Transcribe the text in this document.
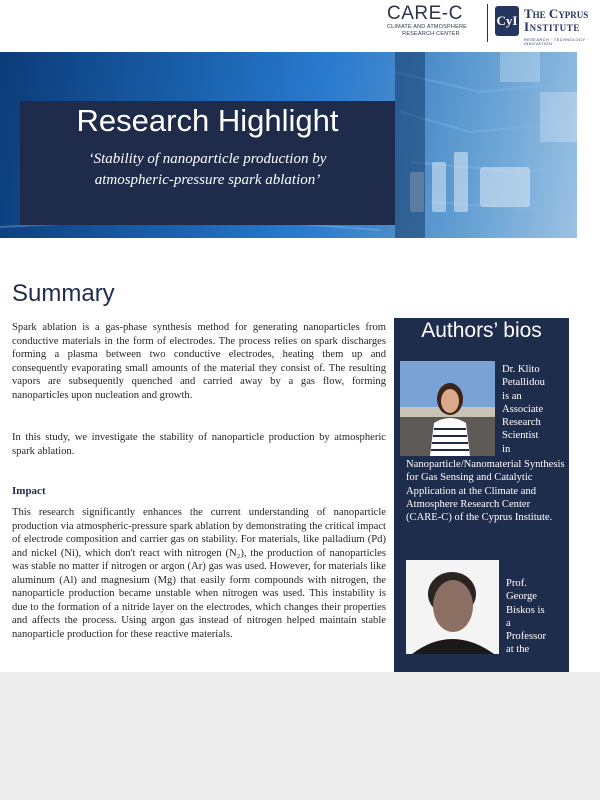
CARE-C
CLIMATE AND ATMOSPHERE
RESEARCH CENTER
CyI The Cyprus
Institute
RESEARCH · TECHNOLOGY · INNOVATION
Research Highlight
‘Stability of nanoparticle production by
atmospheric-pressure spark ablation’
Summary
Spark ablation is a gas-phase synthesis method for generating nanoparticles from conductive materials in the form of electrodes. The process relies on spark discharges forming a plasma between two conductive electrodes, heating them up and consequently evaporating small amounts of the material they consist of. The resulting vapors are subsequently quenched and carried away by a gas flow, forming nanoparticles upon nucleation and growth.
In this study, we investigate the stability of nanoparticle production by atmospheric spark ablation.
Impact
This research significantly enhances the current understanding of nanoparticle production via atmospheric-pressure spark ablation by demonstrating the critical impact of electrode composition and carrier gas on stability. For materials, like palladium (Pd) and nickel (Ni), which don't react with nitrogen (N₂), the production of nanoparticles was stable no matter if nitrogen or argon (Ar) gas was used. However, for materials like aluminum (Al) and magnesium (Mg) that easily form compounds with nitrogen, the nanoparticle production became unstable when nitrogen was used. This instability is due to the formation of a nitride layer on the electrodes, which changes their properties and affects the process. Using argon gas instead of nitrogen helped maintain stable nanoparticle production for these reactive materials.
Authors’ bios
Dr. Klito
Petallidou
is an
Associate
Research
Scientist
in
Nanoparticle/Nanomaterial Synthesis for Gas Sensing and Catalytic Application at the Climate and Atmosphere Research Center (CARE-C) of the Cyprus Institute.
Prof.
George
Biskos is
a
Professor
at the
